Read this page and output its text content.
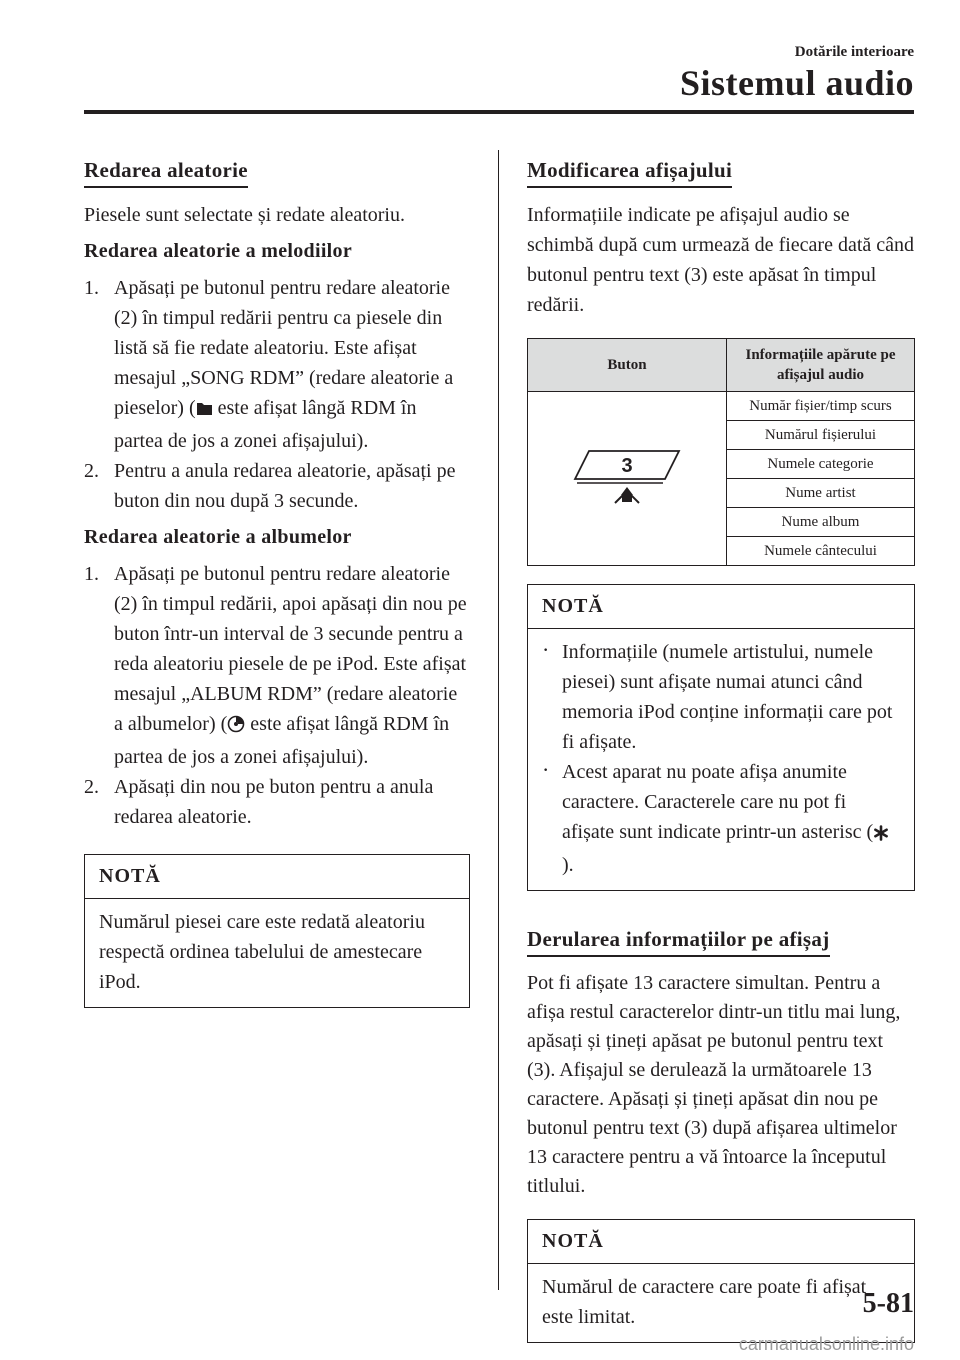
Dotările interioare
Sistemul audio
Redarea aleatorie

Piesele sunt selectate și redate aleatoriu.

Redarea aleatorie a melodiilor
1. Apăsați pe butonul pentru redare aleatorie (2) în timpul redării pentru ca piesele din listă să fie redate aleatoriu. Este afișat mesajul „SONG RDM” (redare aleatorie a pieselor) ( este afișat lângă RDM în partea de jos a zonei afișajului).
2. Pentru a anula redarea aleatorie, apăsați pe buton din nou după 3 secunde.
Redarea aleatorie a albumelor
1. Apăsați pe butonul pentru redare aleatorie (2) în timpul redării, apoi apăsați din nou pe buton într-un interval de 3 secunde pentru a reda aleatoriu piesele de pe iPod. Este afișat mesajul „ALBUM RDM” (redare aleatorie a albumelor) ( este afișat lângă RDM în partea de jos a zonei afișajului).
2. Apăsați din nou pe buton pentru a anula redarea aleatorie.
NOTĂ
Numărul piesei care este redată aleatoriu respectă ordinea tabelului de amestecare iPod.
Modificarea afișajului

Informațiile indicate pe afișajul audio se schimbă după cum urmează de fiecare dată când butonul pentru text (3) este apăsat în timpul redării.

Buton	Informațiile apărute pe afișajul audio

3	Număr fișier/timp scurs
	Numărul fișierului
	Numele categorie
	Nume artist
	Nume album
	Numele cântecului
NOTĂ
· Informațiile (numele artistului, numele piesei) sunt afișate numai atunci când memoria iPod conține informații care pot fi afișate.
· Acest aparat nu poate afișa anumite caractere. Caracterele care nu pot fi afișate sunt indicate printr-un asterisc ().
Derularea informațiilor pe afișaj

Pot fi afișate 13 caractere simultan. Pentru a afișa restul caracterelor dintr-un titlu mai lung, apăsați și țineți apăsat pe butonul pentru text (3). Afișajul se derulează la următoarele 13 caractere. Apăsați și țineți apăsat din nou pe butonul pentru text (3) după afișarea ultimelor 13 caractere pentru a vă întoarce la începutul titlului.

NOTĂ
Numărul de caractere care poate fi afișat este limitat.	5-81
carmanualsonline.info
